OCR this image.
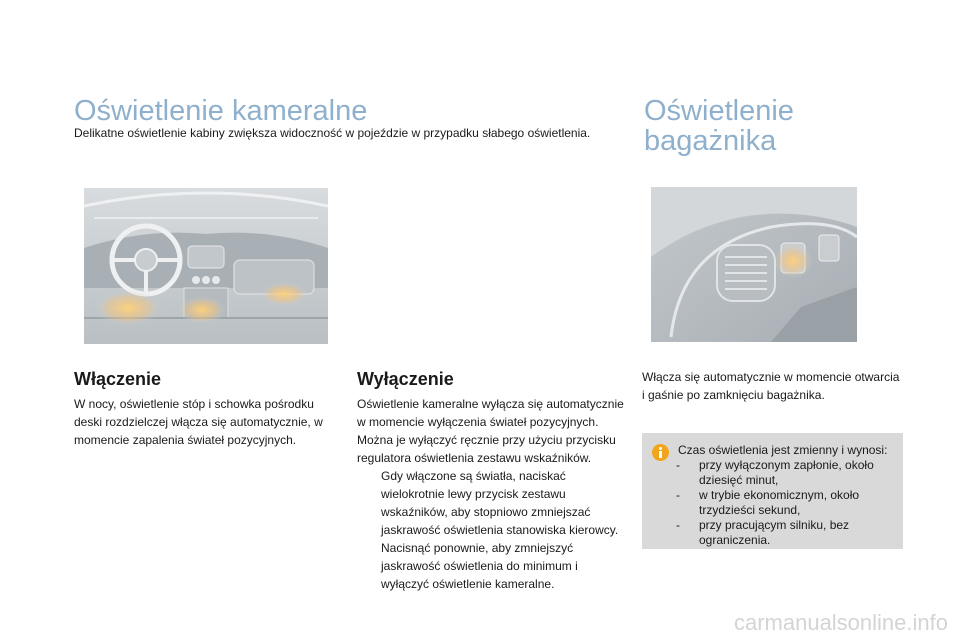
Oświetlenie kameralne
Delikatne oświetlenie kabiny zwiększa widoczność w pojeździe w przypadku słabego oświetlenia.
Oświetlenie
bagażnika
Włączenie
W nocy, oświetlenie stóp i schowka pośrodku deski rozdzielczej włącza się automatycznie, w momencie zapalenia świateł pozycyjnych.
Wyłączenie
Oświetlenie kameralne wyłącza się automatycznie w momencie wyłączenia świateł pozycyjnych.
Można je wyłączyć ręcznie przy użyciu przycisku regulatora oświetlenia zestawu wskaźników.
Gdy włączone są światła, naciskać wielokrotnie lewy przycisk zestawu wskaźników, aby stopniowo zmniejszać jaskrawość oświetlenia stanowiska kierowcy.
Nacisnąć ponownie, aby zmniejszyć jaskrawość oświetlenia do minimum i wyłączyć oświetlenie kameralne.
Włącza się automatycznie w momencie otwarcia i gaśnie po zamknięciu bagażnika.
Czas oświetlenia jest zmienny i wynosi:
-	przy wyłączonym zapłonie, około dziesięć minut,
-	w trybie ekonomicznym, około trzydzieści sekund,
-	przy pracującym silniku, bez ograniczenia.
carmanualsonline.info
